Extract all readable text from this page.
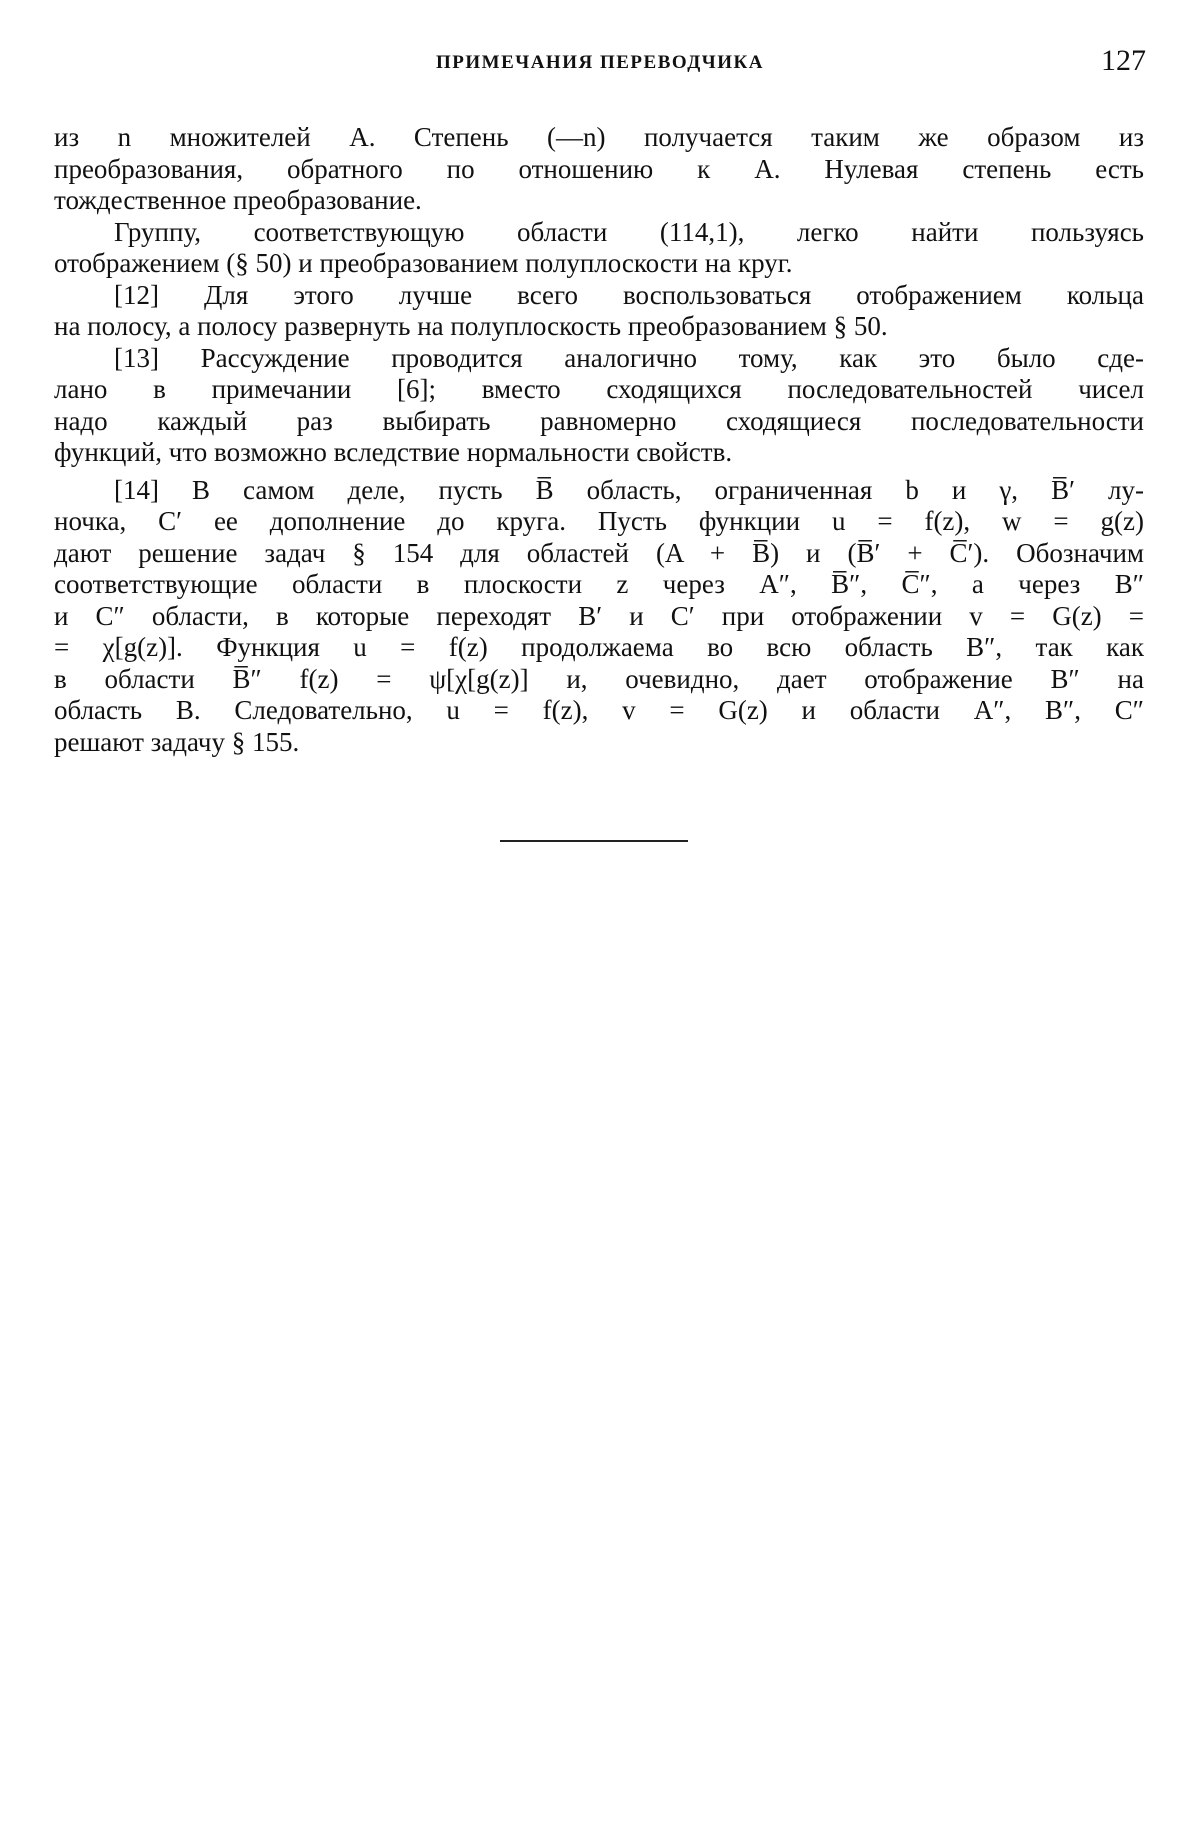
ПРИМЕЧАНИЯ ПЕРЕВОДЧИКА	127

из n множителей A. Степень (—n) получается таким же образом из
преобразования, обратного по отношению к A. Нулевая степень есть
тождественное преобразование.

Группу, соответствующую области (114,1), легко найти пользуясь
отображением (§ 50) и преобразованием полуплоскости на круг.

[12] Для этого лучше всего воспользоваться отображением кольца
на полосу, а полосу развернуть на полуплоскость преобразованием § 50.

[13] Рассуждение проводится аналогично тому, как это было сде-
лано в примечании [6]; вместо сходящихся последовательностей чисел
надо каждый раз выбирать равномерно сходящиеся последовательности
функций, что возможно вследствие нормальности свойств.

[14] В самом деле, пусть B̅ область, ограниченная b и γ, B̅′ лу-
ночка, C′ ее дополнение до круга. Пусть функции u = f(z), w = g(z)
дают решение задач § 154 для областей (A + B̅) и (B̅′ + C̅′). Обозначим
соответствующие области в плоскости z через A″, B̅″, C̅″, а через B″
и C″ области, в которые переходят B′ и C′ при отображении v = G(z) =
= χ[g(z)]. Функция u = f(z) продолжаема во всю область B″, так как
в области B̅″ f(z) = ψ[χ[g(z)] и, очевидно, дает отображение B″ на
область B. Следовательно, u = f(z), v = G(z) и области A″, B″, C″
решают задачу § 155.
